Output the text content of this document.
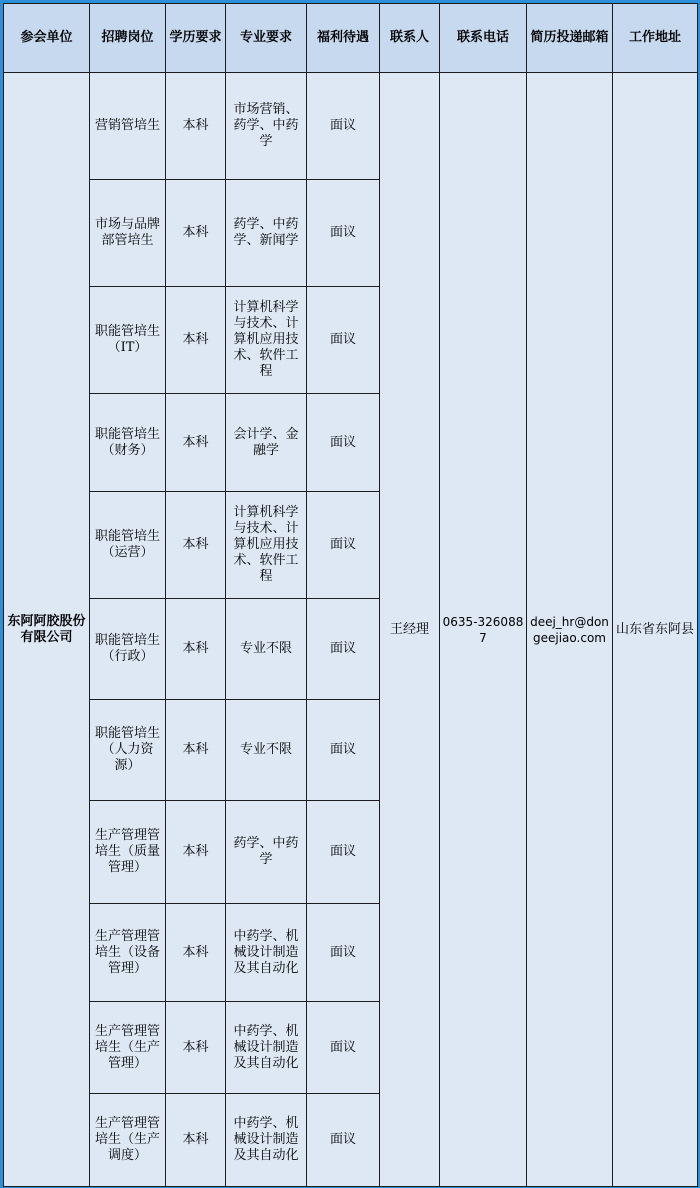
参会单位	招聘岗位	学历要求	专业要求	福利待遇	联系人	联系电话	简历投递邮箱	工作地址
东阿阿胶股份有限公司	营销管培生	本科	市场营销、药学、中药学	面议	王经理	0635-3260887	deej_hr@dongeejiao.com	山东省东阿县
	市场与品牌部管培生	本科	药学、中药学、新闻学	面议				
	职能管培生（IT）	本科	计算机科学与技术、计算机应用技术、软件工程	面议				
	职能管培生（财务）	本科	会计学、金融学	面议				
	职能管培生（运营）	本科	计算机科学与技术、计算机应用技术、软件工程	面议				
	职能管培生（行政）	本科	专业不限	面议				
	职能管培生（人力资源）	本科	专业不限	面议				
	生产管理管培生（质量管理）	本科	药学、中药学	面议				
	生产管理管培生（设备管理）	本科	中药学、机械设计制造及其自动化	面议				
	生产管理管培生（生产管理）	本科	中药学、机械设计制造及其自动化	面议				
	生产管理管培生（生产调度）	本科	中药学、机械设计制造及其自动化	面议				
